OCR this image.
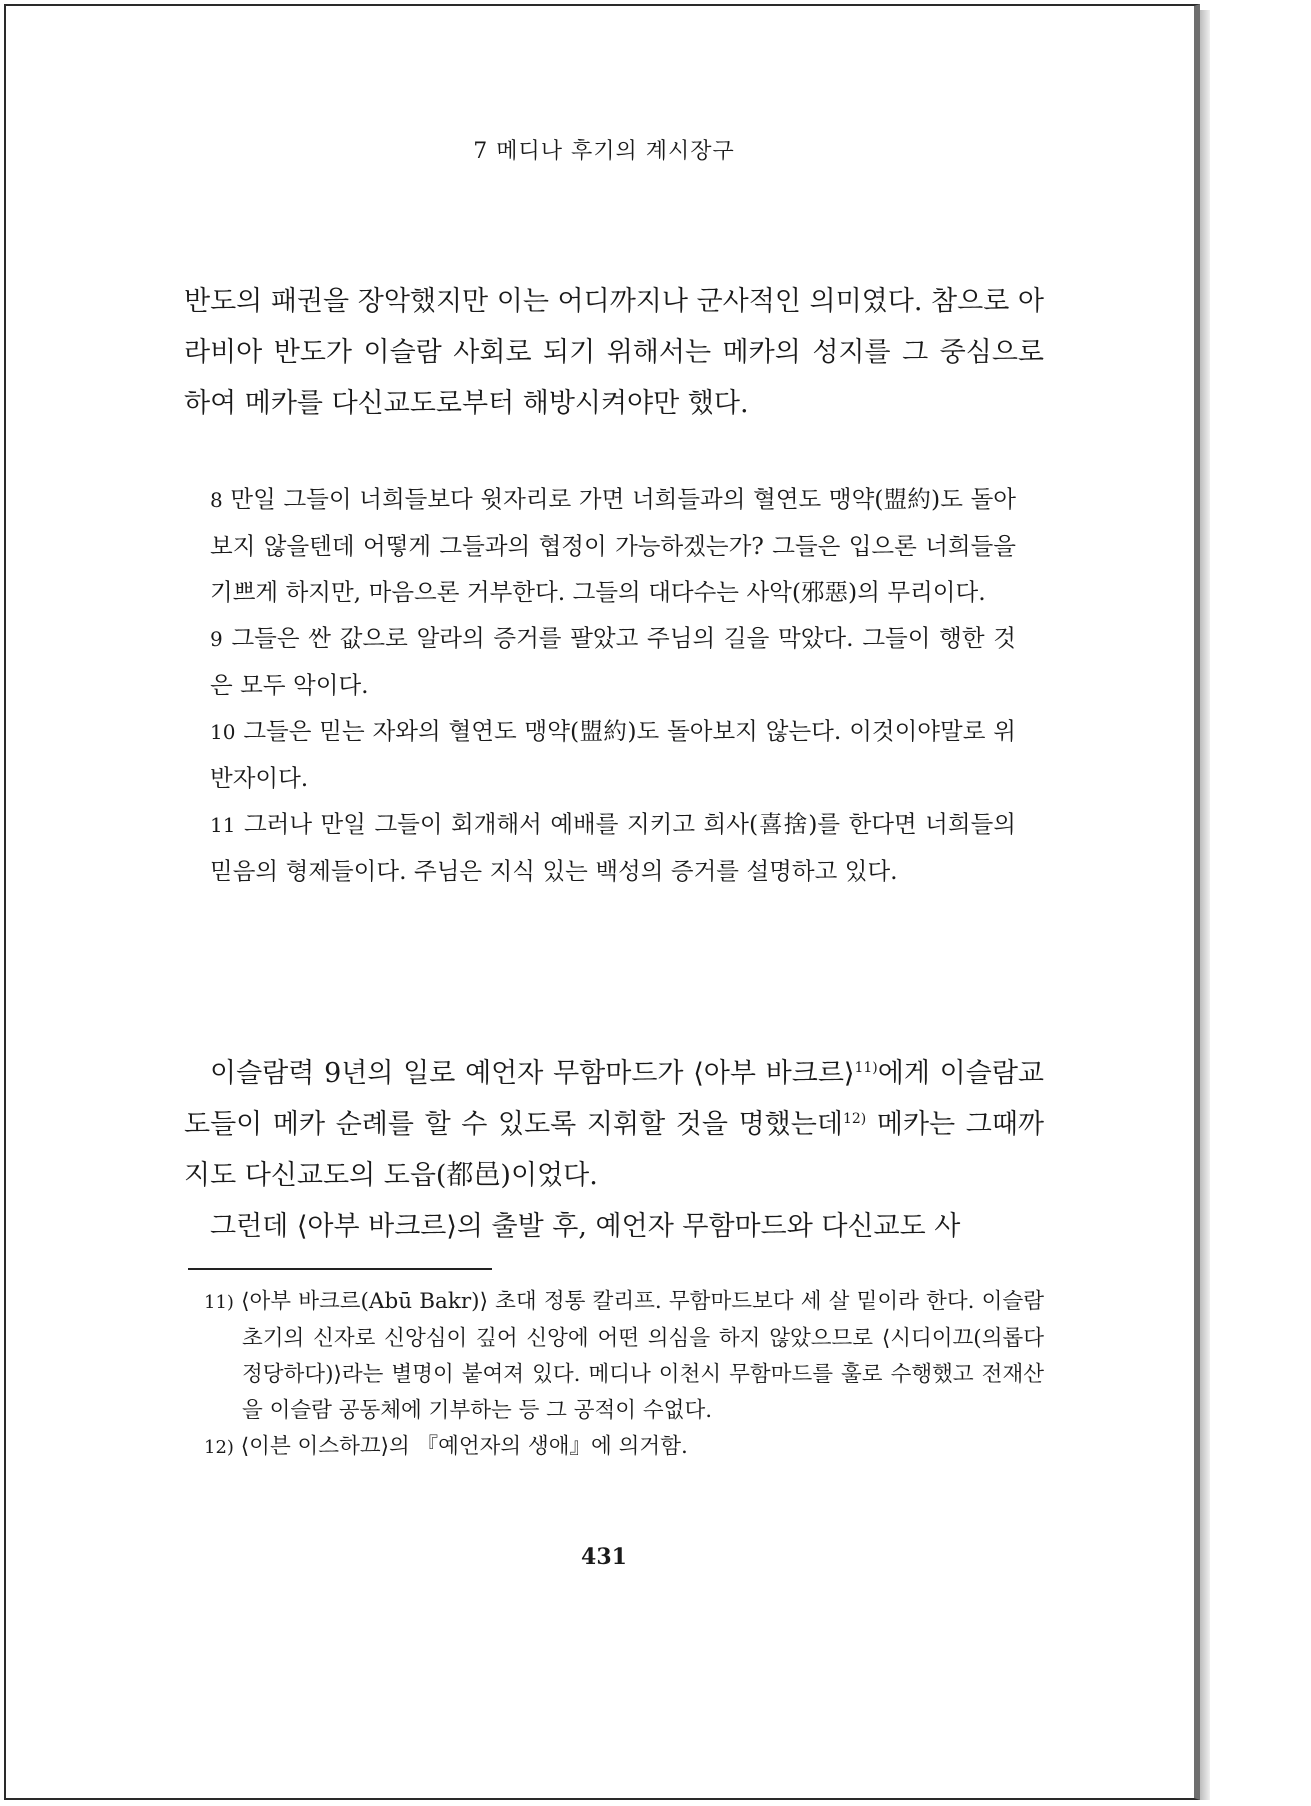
7 메디나 후기의 계시장구

반도의 패권을 장악했지만 이는 어디까지나 군사적인 의미였다. 참으로 아라비아 반도가 이슬람 사회로 되기 위해서는 메카의 성지를 그 중심으로 하여 메카를 다신교도로부터 해방시켜야만 했다.

8 만일 그들이 너희들보다 윗자리로 가면 너희들과의 혈연도 맹약(盟約)도 돌아보지 않을텐데 어떻게 그들과의 협정이 가능하겠는가? 그들은 입으론 너희들을 기쁘게 하지만, 마음으론 거부한다. 그들의 대다수는 사악(邪惡)의 무리이다.

9 그들은 싼 값으로 알라의 증거를 팔았고 주님의 길을 막았다. 그들이 행한 것은 모두 악이다.

10 그들은 믿는 자와의 혈연도 맹약(盟約)도 돌아보지 않는다. 이것이야말로 위반자이다.

11 그러나 만일 그들이 회개해서 예배를 지키고 희사(喜捨)를 한다면 너희들의 믿음의 형제들이다. 주님은 지식 있는 백성의 증거를 설명하고 있다.

이슬람력 9년의 일로 예언자 무함마드가 ⟨아부 바크르⟩$^{11)}$에게 이슬람교도들이 메카 순례를 할 수 있도록 지휘할 것을 명했는데$^{12)}$ 메카는 그때까지도 다신교도의 도읍(都邑)이었다.

그런데 ⟨아부 바크르⟩의 출발 후, 예언자 무함마드와 다신교도 사

11) ⟨아부 바크르(Abū Bakr)⟩ 초대 정통 칼리프. 무함마드보다 세 살 밑이라 한다. 이슬람 초기의 신자로 신앙심이 깊어 신앙에 어떤 의심을 하지 않았으므로 ⟨시디이끄(의롭다 정당하다)⟩라는 별명이 붙여져 있다. 메디나 이천시 무함마드를 훌로 수행했고 전재산을 이슬람 공동체에 기부하는 등 그 공적이 수없다.

12) ⟨이븐 이스하끄⟩의 『예언자의 생애』에 의거함.

431
